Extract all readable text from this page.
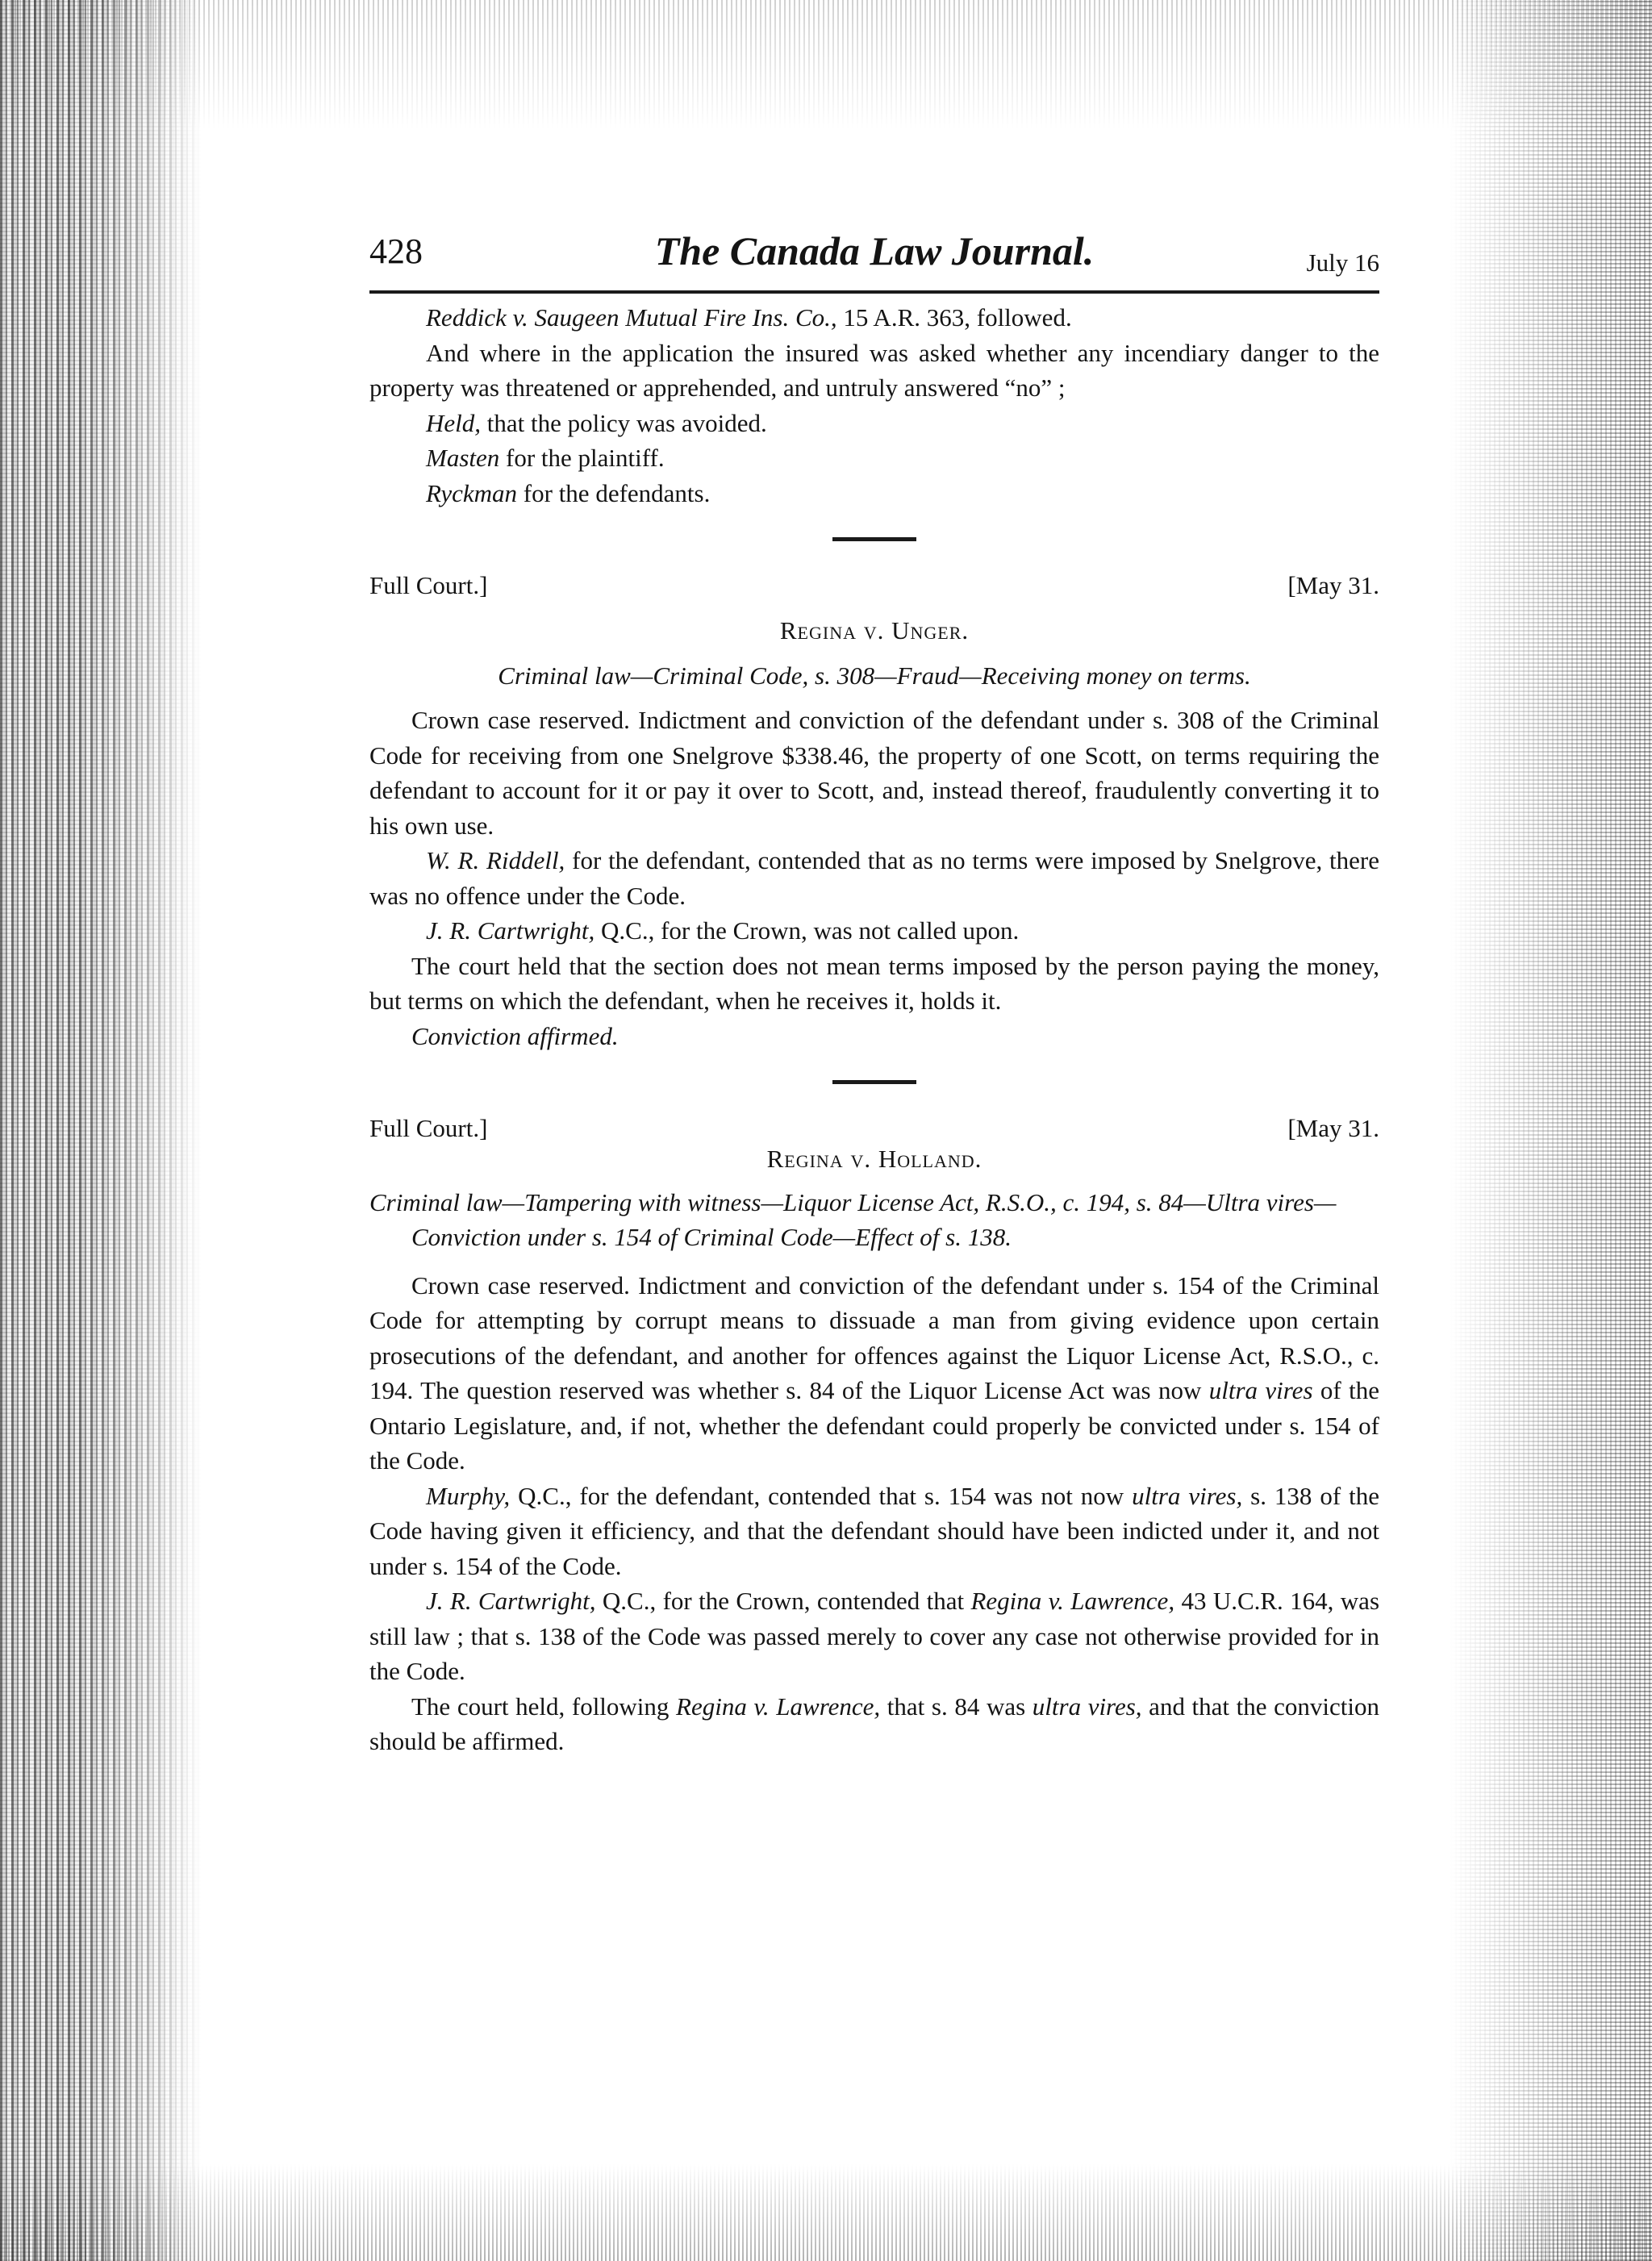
428	The Canada Law Journal.	July 16

Reddick v. Saugeen Mutual Fire Ins. Co., 15 A.R. 363, followed.

And where in the application the insured was asked whether any incendiary danger to the property was threatened or apprehended, and untruly answered “no” ;

Held, that the policy was avoided.

Masten for the plaintiff.

Ryckman for the defendants.

Full Court.]	[May 31.
Regina v. Unger.
Criminal law—Criminal Code, s. 308—Fraud—Receiving money on terms.

Crown case reserved. Indictment and conviction of the defendant under s. 308 of the Criminal Code for receiving from one Snelgrove $338.46, the property of one Scott, on terms requiring the defendant to account for it or pay it over to Scott, and, instead thereof, fraudulently converting it to his own use.

W. R. Riddell, for the defendant, contended that as no terms were imposed by Snelgrove, there was no offence under the Code.

J. R. Cartwright, Q.C., for the Crown, was not called upon.

The court held that the section does not mean terms imposed by the person paying the money, but terms on which the defendant, when he receives it, holds it.

Conviction affirmed.

Full Court.]	[May 31.
Regina v. Holland.
Criminal law—Tampering with witness—Liquor License Act, R.S.O., c. 194, s. 84—Ultra vires—Conviction under s. 154 of Criminal Code—Effect of s. 138.

Crown case reserved. Indictment and conviction of the defendant under s. 154 of the Criminal Code for attempting by corrupt means to dissuade a man from giving evidence upon certain prosecutions of the defendant, and another for offences against the Liquor License Act, R.S.O., c. 194. The question reserved was whether s. 84 of the Liquor License Act was now ultra vires of the Ontario Legislature, and, if not, whether the defendant could properly be convicted under s. 154 of the Code.

Murphy, Q.C., for the defendant, contended that s. 154 was not now ultra vires, s. 138 of the Code having given it efficiency, and that the defendant should have been indicted under it, and not under s. 154 of the Code.

J. R. Cartwright, Q.C., for the Crown, contended that Regina v. Lawrence, 43 U.C.R. 164, was still law ; that s. 138 of the Code was passed merely to cover any case not otherwise provided for in the Code.

The court held, following Regina v. Lawrence, that s. 84 was ultra vires, and that the conviction should be affirmed.
